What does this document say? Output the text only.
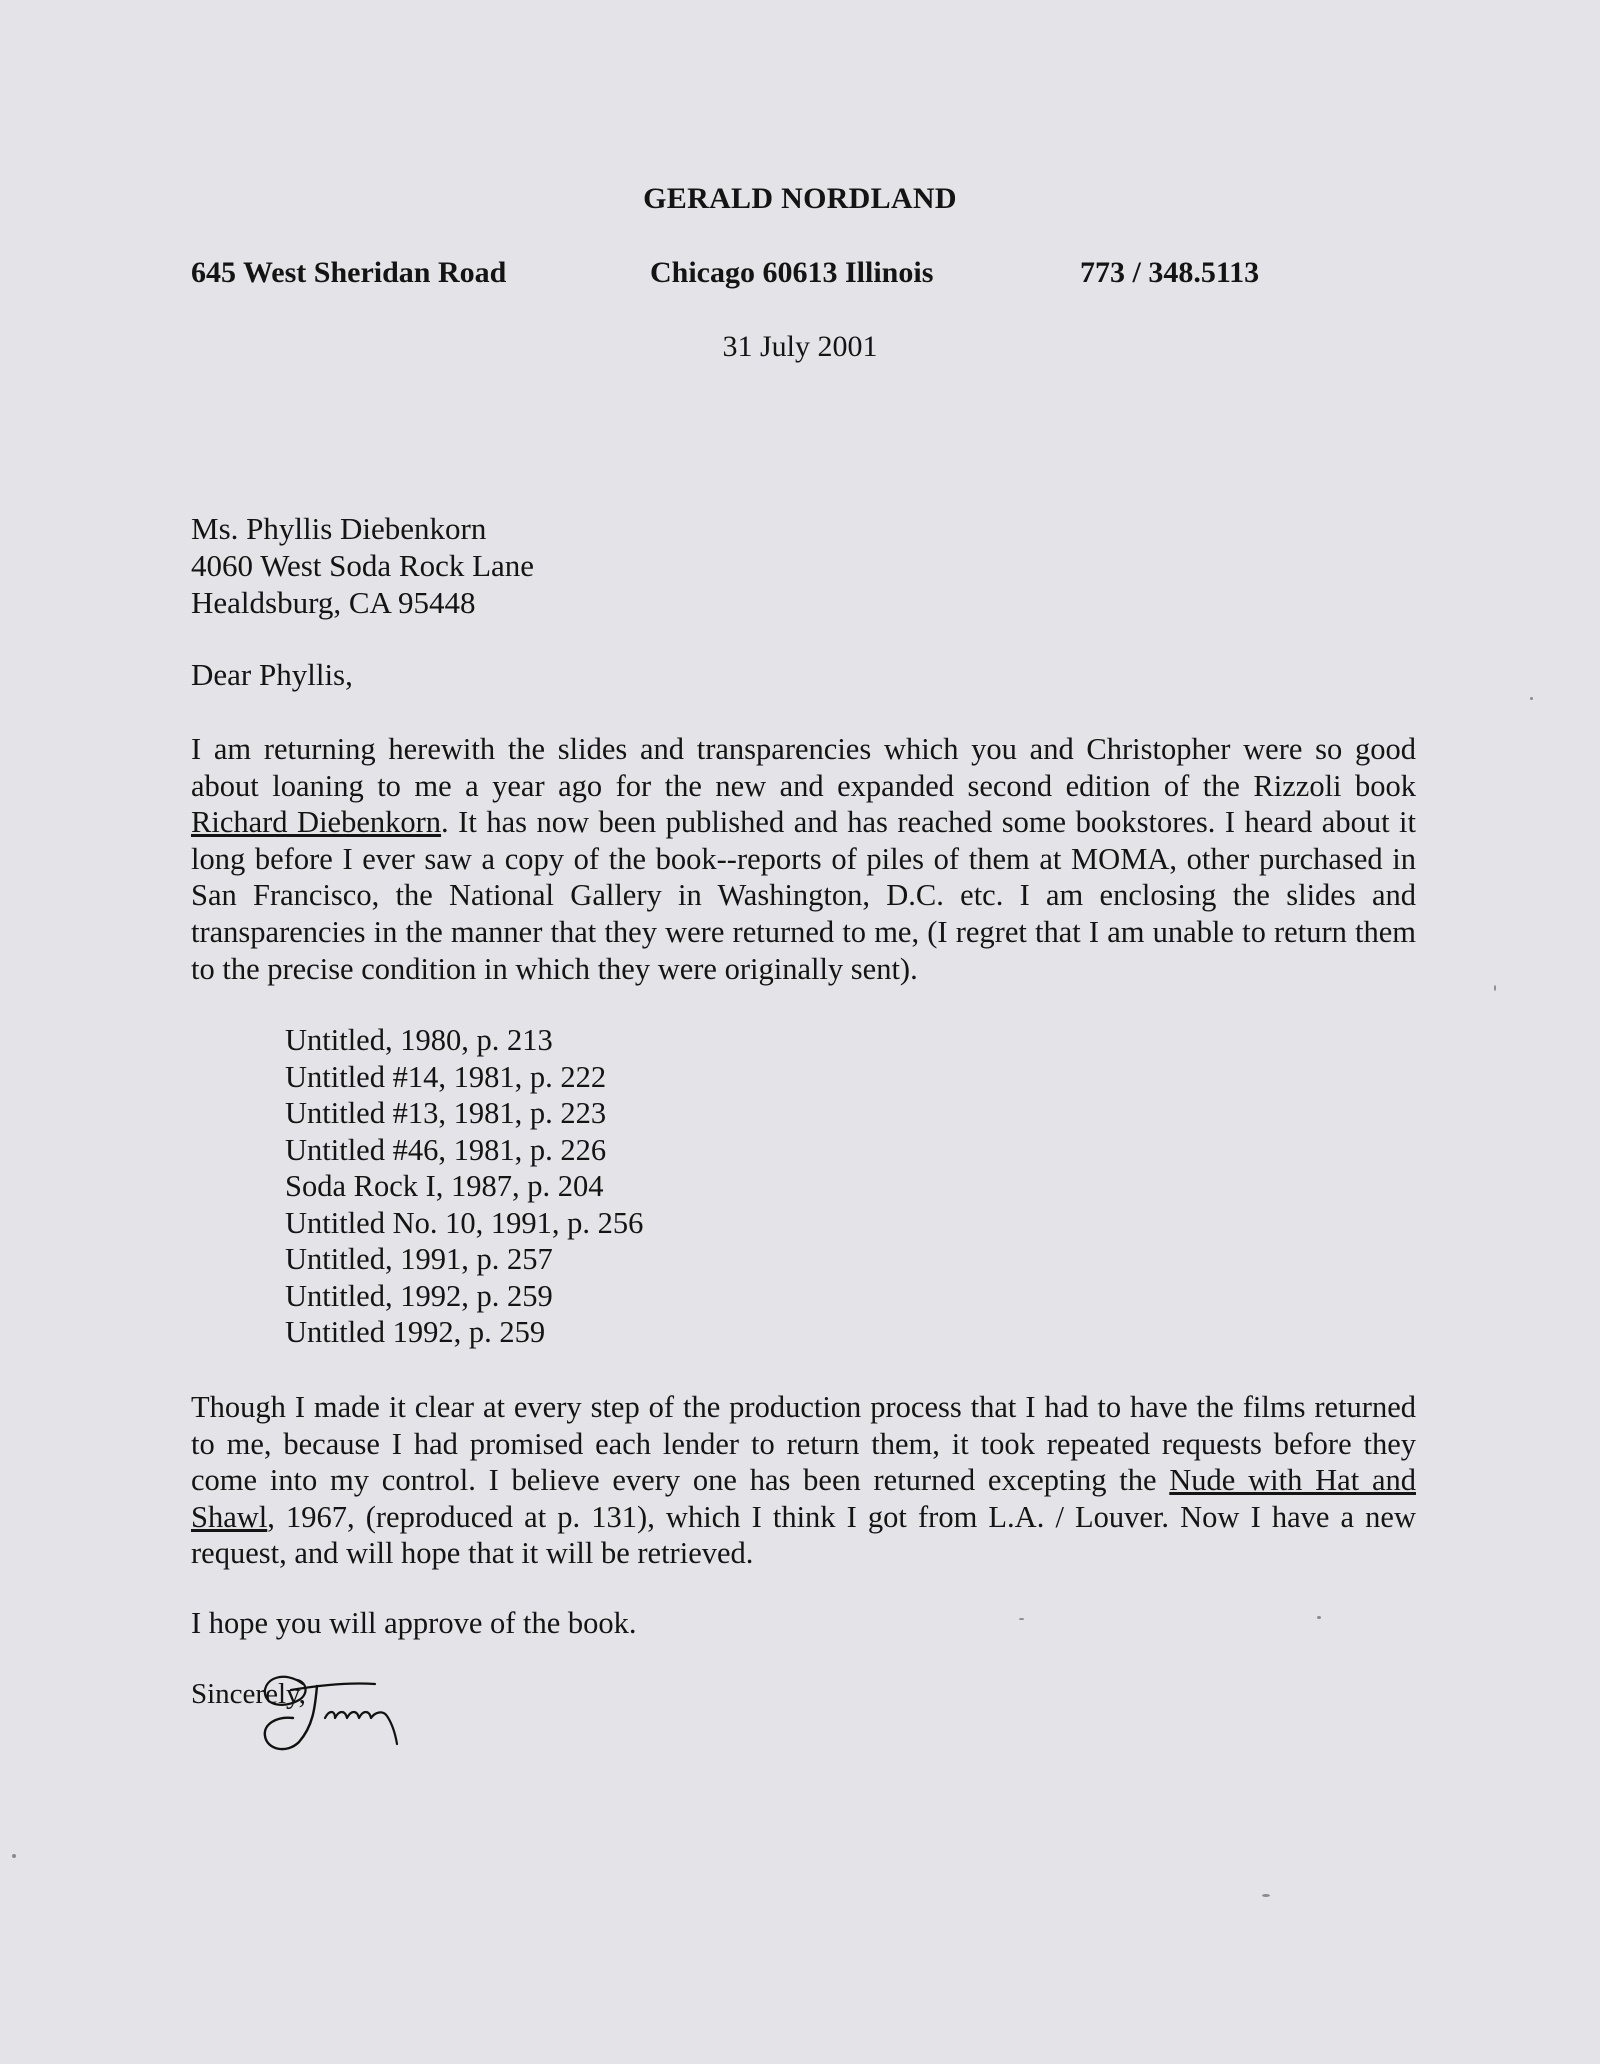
GERALD NORDLAND
645 West Sheridan Road	Chicago 60613 Illinois	773 / 348.5113
31 July 2001
Ms. Phyllis Diebenkorn
4060 West Soda Rock Lane
Healdsburg, CA 95448
Dear Phyllis,
I am returning herewith the slides and transparencies which you and Christopher were so good about loaning to me a year ago for the new and expanded second edition of the Rizzoli book Richard Diebenkorn. It has now been published and has reached some bookstores. I heard about it long before I ever saw a copy of the book--reports of piles of them at MOMA, other purchased in San Francisco, the National Gallery in Washington, D.C. etc. I am enclosing the slides and transparencies in the manner that they were returned to me, (I regret that I am unable to return them to the precise condition in which they were originally sent).
Untitled, 1980, p. 213
Untitled #14, 1981, p. 222
Untitled #13, 1981, p. 223
Untitled #46, 1981, p. 226
Soda Rock I, 1987, p. 204
Untitled No. 10, 1991, p. 256
Untitled, 1991, p. 257
Untitled, 1992, p. 259
Untitled 1992, p. 259
Though I made it clear at every step of the production process that I had to have the films returned to me, because I had promised each lender to return them, it took repeated requests before they come into my control. I believe every one has been returned excepting the Nude with Hat and Shawl, 1967, (reproduced at p. 131), which I think I got from L.A. / Louver. Now I have a new request, and will hope that it will be retrieved.
I hope you will approve of the book.
Sincerely,
